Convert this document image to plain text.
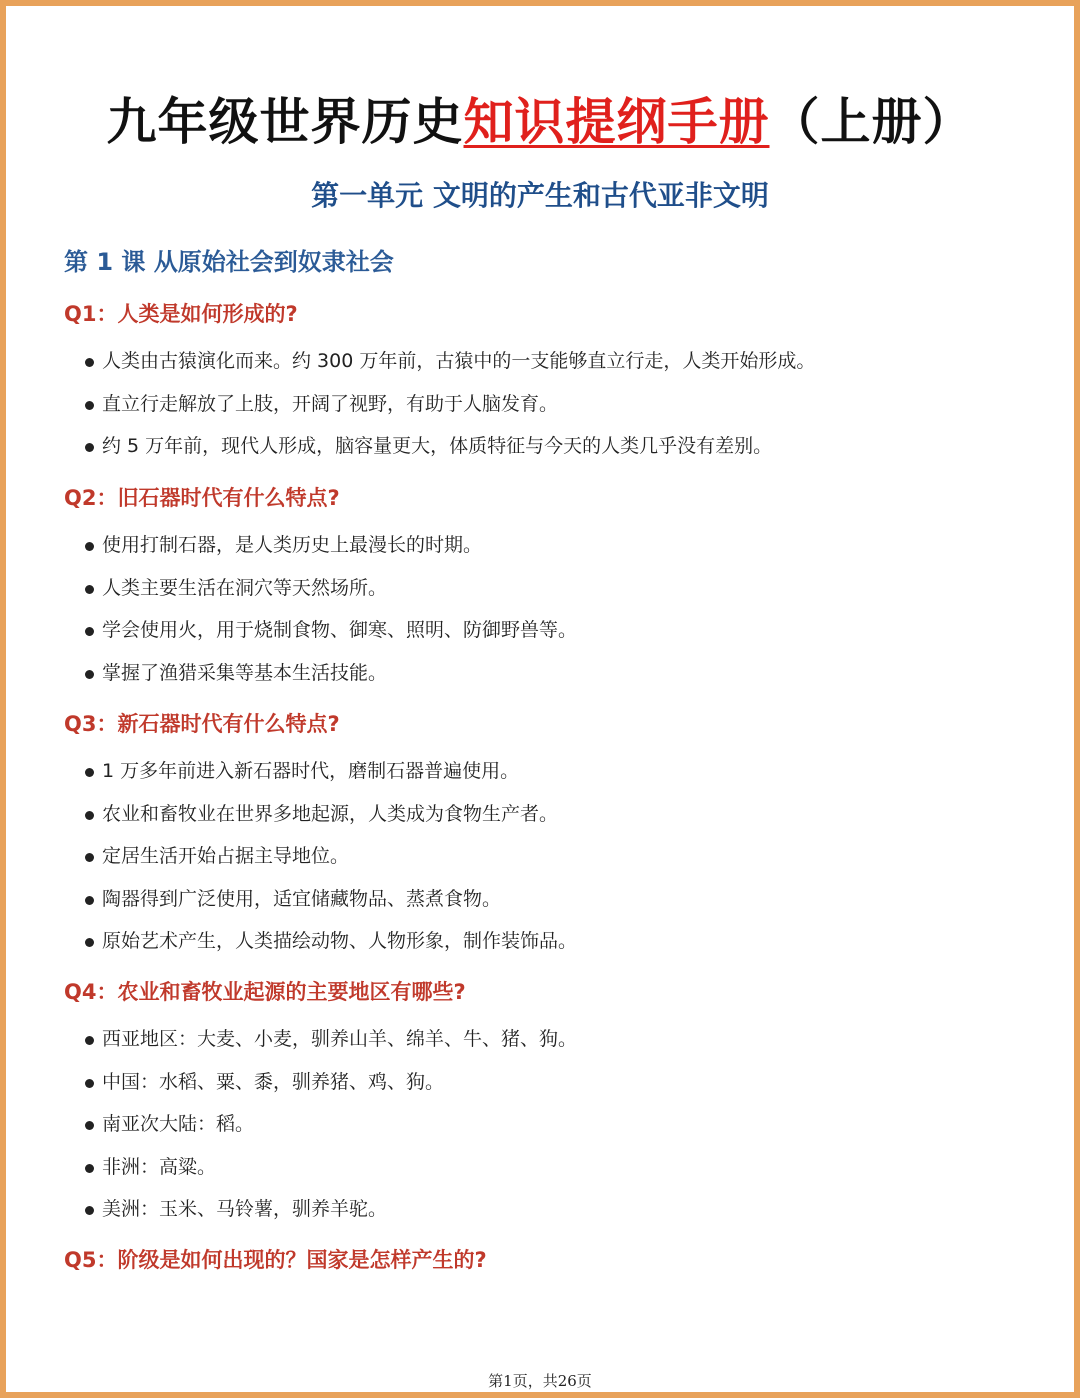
九年级世界历史知识提纲手册（上册）
第一单元 文明的产生和古代亚非文明
第 1 课 从原始社会到奴隶社会
Q1：人类是如何形成的?
人类由古猿演化而来。约 300 万年前，古猿中的一支能够直立行走，人类开始形成。
直立行走解放了上肢，开阔了视野，有助于人脑发育。
约 5 万年前，现代人形成，脑容量更大，体质特征与今天的人类几乎没有差别。
Q2：旧石器时代有什么特点?
使用打制石器，是人类历史上最漫长的时期。
人类主要生活在洞穴等天然场所。
学会使用火，用于烧制食物、御寒、照明、防御野兽等。
掌握了渔猎采集等基本生活技能。
Q3：新石器时代有什么特点?
1 万多年前进入新石器时代，磨制石器普遍使用。
农业和畜牧业在世界多地起源，人类成为食物生产者。
定居生活开始占据主导地位。
陶器得到广泛使用，适宜储藏物品、蒸煮食物。
原始艺术产生，人类描绘动物、人物形象，制作装饰品。
Q4：农业和畜牧业起源的主要地区有哪些?
西亚地区：大麦、小麦，驯养山羊、绵羊、牛、猪、狗。
中国：水稻、粟、黍，驯养猪、鸡、狗。
南亚次大陆：稻。
非洲：高粱。
美洲：玉米、马铃薯，驯养羊驼。
Q5：阶级是如何出现的？国家是怎样产生的?
第1页，共26页
